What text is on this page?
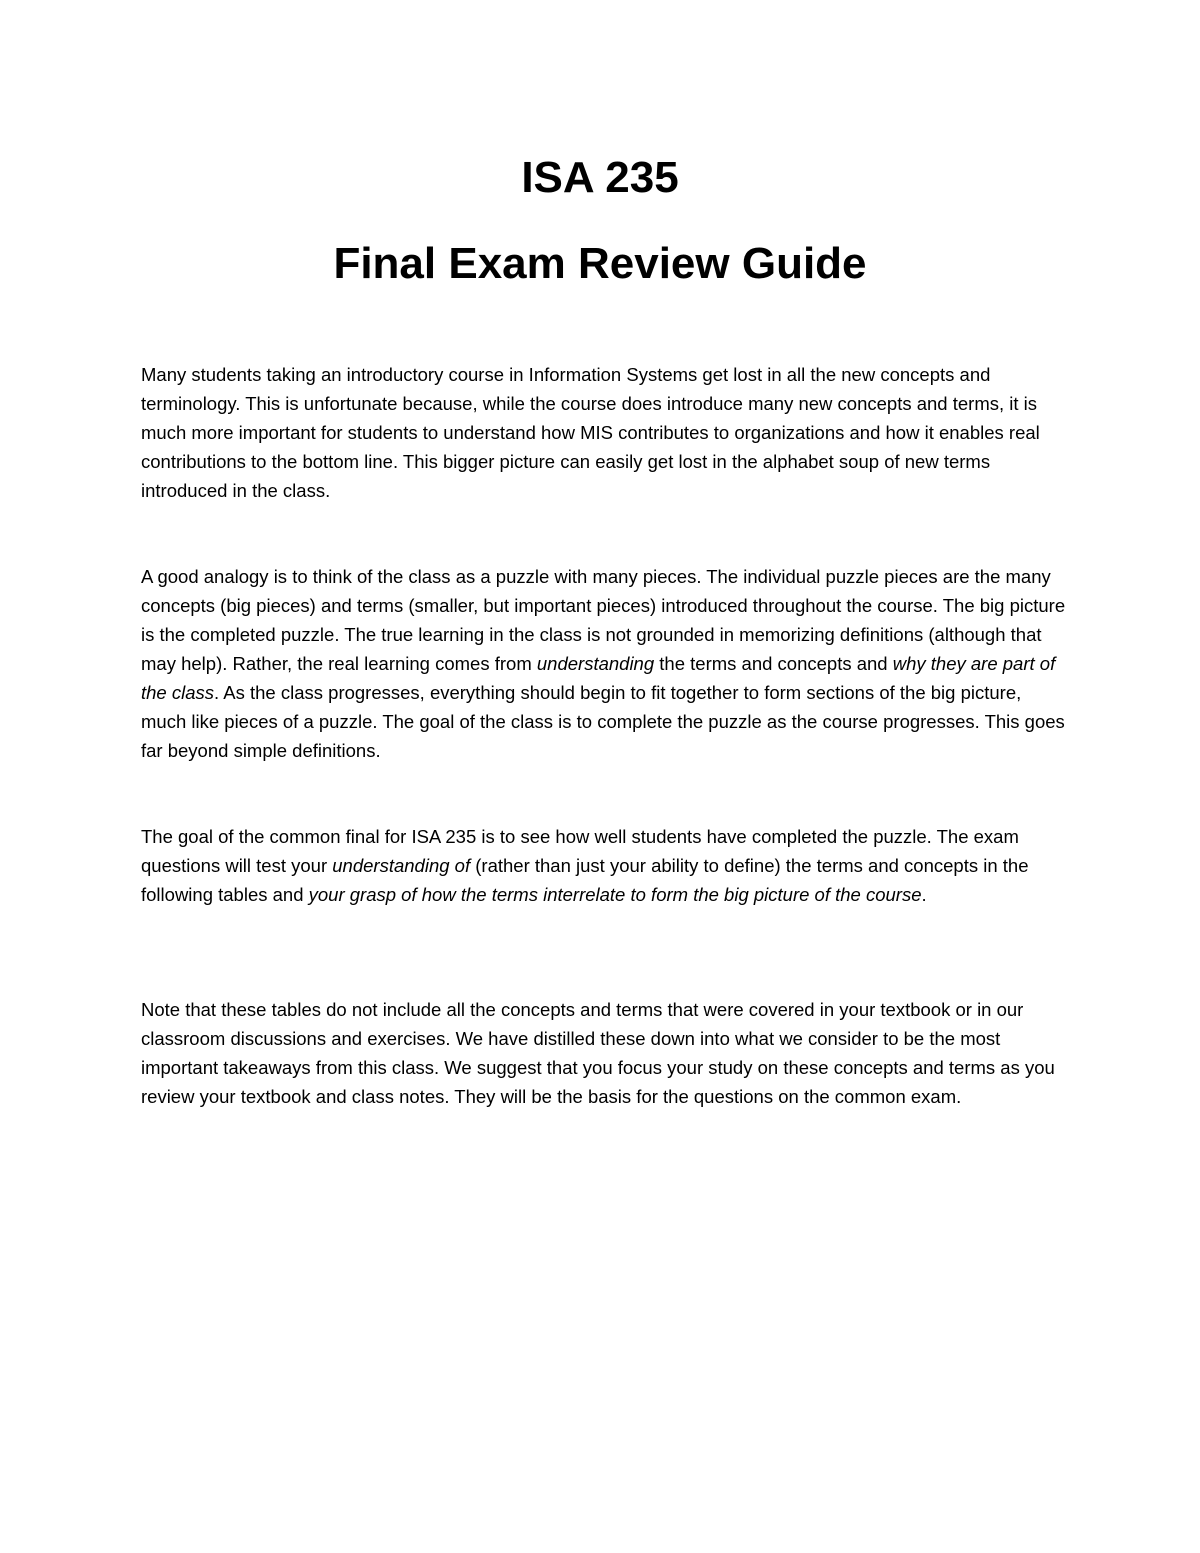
ISA 235
Final Exam Review Guide

Many students taking an introductory course in Information Systems get lost in all the new concepts and terminology. This is unfortunate because, while the course does introduce many new concepts and terms, it is much more important for students to understand how MIS contributes to organizations and how it enables real contributions to the bottom line. This bigger picture can easily get lost in the alphabet soup of new terms introduced in the class.

A good analogy is to think of the class as a puzzle with many pieces. The individual puzzle pieces are the many concepts (big pieces) and terms (smaller, but important pieces) introduced throughout the course. The big picture is the completed puzzle. The true learning in the class is not grounded in memorizing definitions (although that may help). Rather, the real learning comes from understanding the terms and concepts and why they are part of the class. As the class progresses, everything should begin to fit together to form sections of the big picture, much like pieces of a puzzle. The goal of the class is to complete the puzzle as the course progresses. This goes far beyond simple definitions.

The goal of the common final for ISA 235 is to see how well students have completed the puzzle. The exam questions will test your understanding of (rather than just your ability to define) the terms and concepts in the following tables and your grasp of how the terms interrelate to form the big picture of the course.

Note that these tables do not include all the concepts and terms that were covered in your textbook or in our classroom discussions and exercises. We have distilled these down into what we consider to be the most important takeaways from this class. We suggest that you focus your study on these concepts and terms as you review your textbook and class notes. They will be the basis for the questions on the common exam.
